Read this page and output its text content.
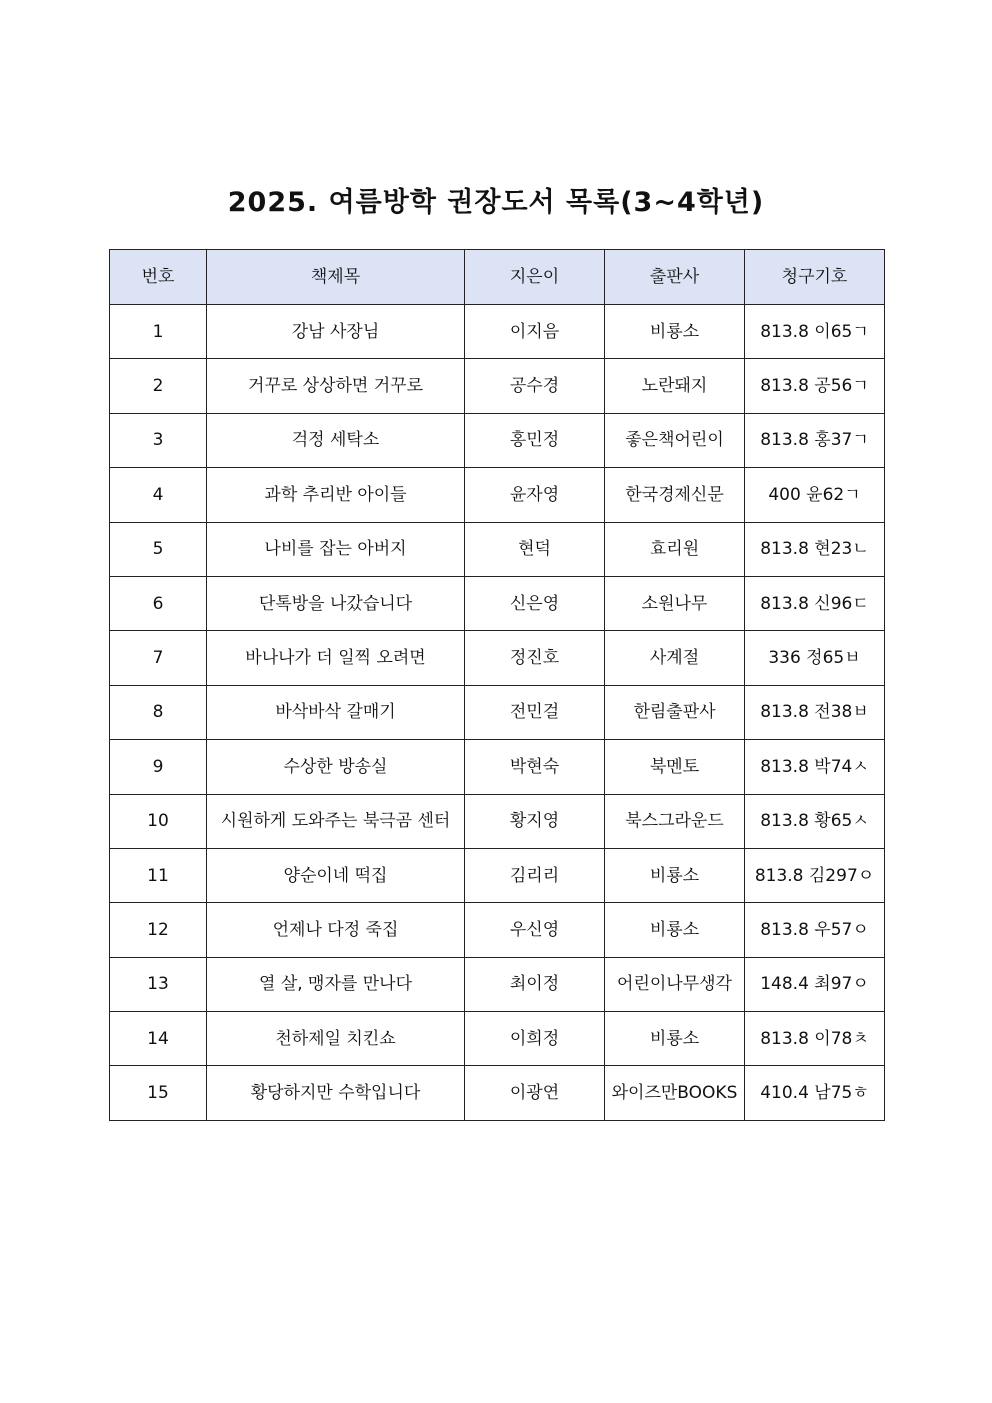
2025. 여름방학 권장도서 목록(3~4학년)
번호	책제목	지은이	출판사	청구기호
1	강남 사장님	이지음	비룡소	813.8 이65ㄱ
2	거꾸로 상상하면 거꾸로	공수경	노란돼지	813.8 공56ㄱ
3	걱정 세탁소	홍민정	좋은책어린이	813.8 홍37ㄱ
4	과학 추리반 아이들	윤자영	한국경제신문	400 윤62ㄱ
5	나비를 잡는 아버지	현덕	효리원	813.8 현23ㄴ
6	단톡방을 나갔습니다	신은영	소원나무	813.8 신96ㄷ
7	바나나가 더 일찍 오려면	정진호	사계절	336 정65ㅂ
8	바삭바삭 갈매기	전민걸	한림출판사	813.8 전38ㅂ
9	수상한 방송실	박현숙	북멘토	813.8 박74ㅅ
10	시원하게 도와주는 북극곰 센터	황지영	북스그라운드	813.8 황65ㅅ
11	양순이네 떡집	김리리	비룡소	813.8 김297ㅇ
12	언제나 다정 죽집	우신영	비룡소	813.8 우57ㅇ
13	열 살, 맹자를 만나다	최이정	어린이나무생각	148.4 최97ㅇ
14	천하제일 치킨쇼	이희정	비룡소	813.8 이78ㅊ
15	황당하지만 수학입니다	이광연	와이즈만BOOKS	410.4 남75ㅎ
